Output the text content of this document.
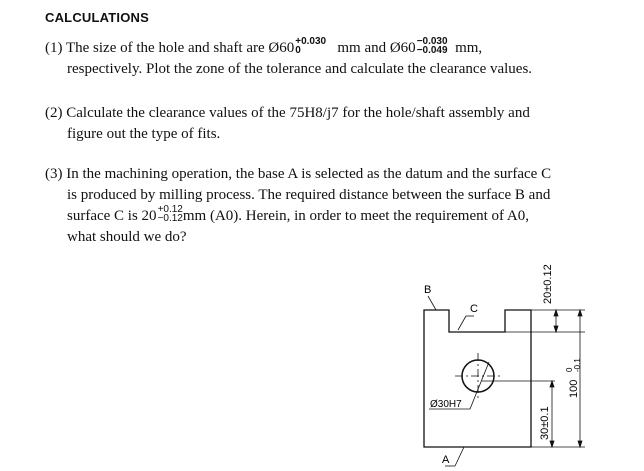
CALCULATIONS
(1) The size of the hole and shaft are Ø60 +0.030
0	mm and Ø60 −0.030
−0.049 mm,
respectively. Plot the zone of the tolerance and calculate the clearance values.
(2) Calculate the clearance values of the 75H8/j7 for the hole/shaft assembly and
figure out the type of fits.
(3) In the machining operation, the base A is selected as the datum and the surface C
is produced by milling process. The required distance between the surface B and
surface C is 20 +0.12
−0.12 mm (A0). Herein, in order to meet the requirement of A0,
what should we do?
Ø30H7
B
C
A
20±0.12
30±0.1
100
0 -0.1
